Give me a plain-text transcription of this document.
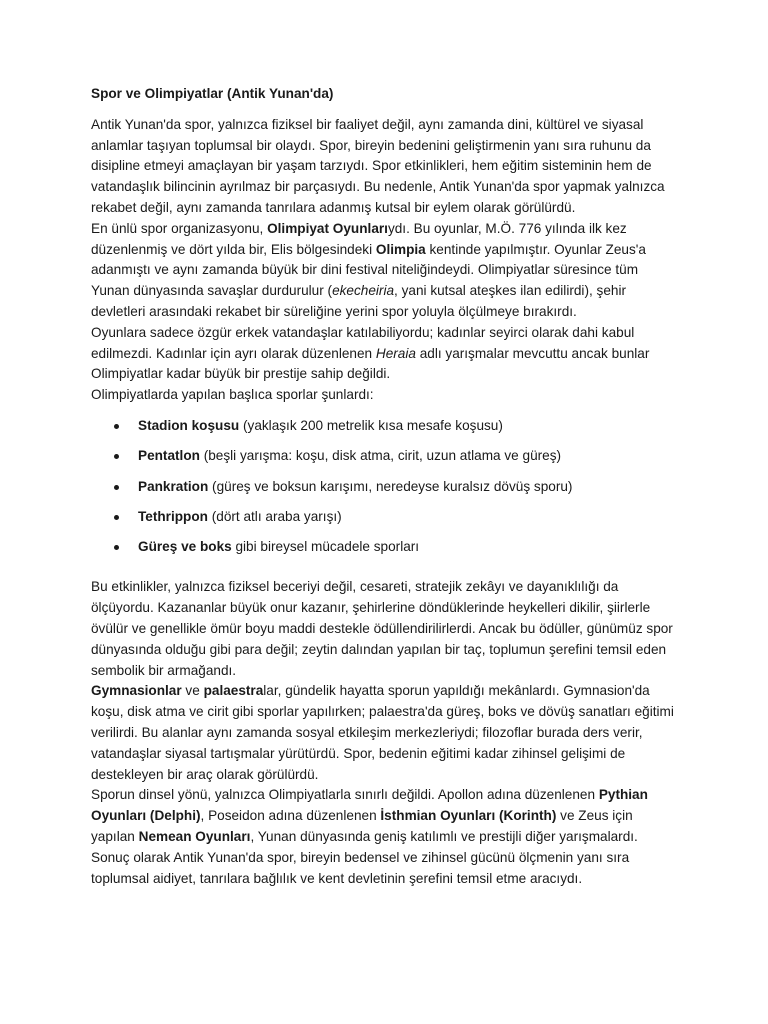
Spor ve Olimpiyatlar (Antik Yunan'da)

Antik Yunan'da spor, yalnızca fiziksel bir faaliyet değil, aynı zamanda dini, kültürel ve siyasal anlamlar taşıyan toplumsal bir olaydı. Spor, bireyin bedenini geliştirmenin yanı sıra ruhunu da disipline etmeyi amaçlayan bir yaşam tarzıydı. Spor etkinlikleri, hem eğitim sisteminin hem de vatandaşlık bilincinin ayrılmaz bir parçasıydı. Bu nedenle, Antik Yunan'da spor yapmak yalnızca rekabet değil, aynı zamanda tanrılara adanmış kutsal bir eylem olarak görülürdü.

En ünlü spor organizasyonu, Olimpiyat Oyunlarıydı. Bu oyunlar, M.Ö. 776 yılında ilk kez düzenlenmiş ve dört yılda bir, Elis bölgesindeki Olimpia kentinde yapılmıştır. Oyunlar Zeus'a adanmıştı ve aynı zamanda büyük bir dini festival niteliğindeydi. Olimpiyatlar süresince tüm Yunan dünyasında savaşlar durdurulur (ekecheiria, yani kutsal ateşkes ilan edilirdi), şehir devletleri arasındaki rekabet bir süreliğine yerini spor yoluyla ölçülmeye bırakırdı.

Oyunlara sadece özgür erkek vatandaşlar katılabiliyordu; kadınlar seyirci olarak dahi kabul edilmezdi. Kadınlar için ayrı olarak düzenlenen Heraia adlı yarışmalar mevcuttu ancak bunlar Olimpiyatlar kadar büyük bir prestije sahip değildi.

Olimpiyatlarda yapılan başlıca sporlar şunlardı:

Stadion koşusu (yaklaşık 200 metrelik kısa mesafe koşusu)
Pentatlon (beşli yarışma: koşu, disk atma, cirit, uzun atlama ve güreş)
Pankration (güreş ve boksun karışımı, neredeyse kuralsız dövüş sporu)
Tethrippon (dört atlı araba yarışı)
Güreş ve boks gibi bireysel mücadele sporları

Bu etkinlikler, yalnızca fiziksel beceriyi değil, cesareti, stratejik zekâyı ve dayanıklılığı da ölçüyordu. Kazananlar büyük onur kazanır, şehirlerine döndüklerinde heykelleri dikilir, şiirlerle övülür ve genellikle ömür boyu maddi destekle ödüllendirilirlerdi. Ancak bu ödüller, günümüz spor dünyasında olduğu gibi para değil; zeytin dalından yapılan bir taç, toplumun şerefini temsil eden sembolik bir armağandı.

Gymnasionlar ve palaestralar, gündelik hayatta sporun yapıldığı mekânlardı. Gymnasion'da koşu, disk atma ve cirit gibi sporlar yapılırken; palaestra'da güreş, boks ve dövüş sanatları eğitimi verilirdi. Bu alanlar aynı zamanda sosyal etkileşim merkezleriydi; filozoflar burada ders verir, vatandaşlar siyasal tartışmalar yürütürdü. Spor, bedenin eğitimi kadar zihinsel gelişimi de destekleyen bir araç olarak görülürdü.

Sporun dinsel yönü, yalnızca Olimpiyatlarla sınırlı değildi. Apollon adına düzenlenen Pythian Oyunları (Delphi), Poseidon adına düzenlenen İsthmian Oyunları (Korinth) ve Zeus için yapılan Nemean Oyunları, Yunan dünyasında geniş katılımlı ve prestijli diğer yarışmalardı.

Sonuç olarak Antik Yunan'da spor, bireyin bedensel ve zihinsel gücünü ölçmenin yanı sıra toplumsal aidiyet, tanrılara bağlılık ve kent devletinin şerefini temsil etme aracıydı.
